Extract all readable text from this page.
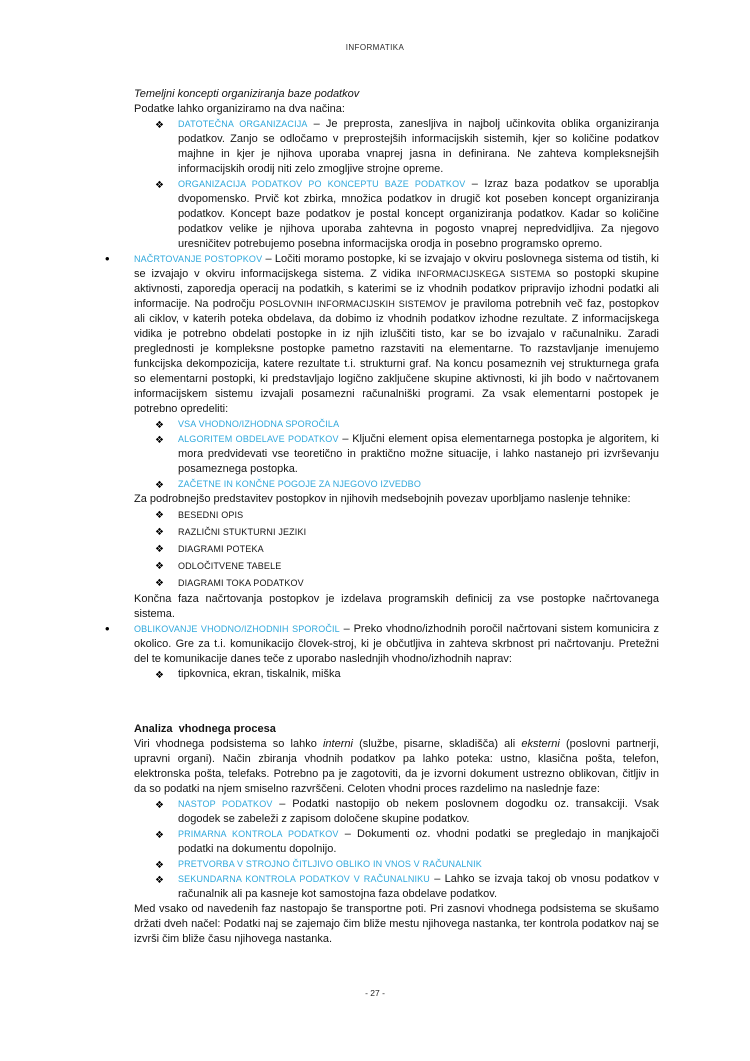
INFORMATIKA

Temeljni koncepti organiziranja baze podatkov

Podatke lahko organiziramo na dva načina:

❖ DATOTEČNA ORGANIZACIJA – Je preprosta, zanesljiva in najbolj učinkovita oblika organiziranja podatkov. Zanjo se odločamo v preprostejših informacijskih sistemih, kjer so količine podatkov majhne in kjer je njihova uporaba vnaprej jasna in definirana. Ne zahteva kompleksnejših informacijskih orodij niti zelo zmogljive strojne opreme.

❖ ORGANIZACIJA PODATKOV PO KONCEPTU BAZE PODATKOV – Izraz baza podatkov se uporablja dvopomensko. Prvič kot zbirka, množica podatkov in drugič kot poseben koncept organiziranja podatkov. Koncept baze podatkov je postal koncept organiziranja podatkov. Kadar so količine podatkov velike je njihova uporaba zahtevna in pogosto vnaprej nepredvidljiva. Za njegovo uresničitev potrebujemo posebna informacijska orodja in posebno programsko opremo.

•	NAČRTOVANJE POSTOPKOV – Ločiti moramo postopke, ki se izvajajo v okviru poslovnega sistema od tistih, ki se izvajajo v okviru informacijskega sistema. Z vidika INFORMACIJSKEGA SISTEMA so postopki skupine aktivnosti, zaporedja operacij na podatkih, s katerimi se iz vhodnih podatkov pripravijo izhodni podatki ali informacije. Na področju POSLOVNIH INFORMACIJSKIH SISTEMOV je praviloma potrebnih več faz, postopkov ali ciklov, v katerih poteka obdelava, da dobimo iz vhodnih podatkov izhodne rezultate. Z informacijskega vidika je potrebno obdelati postopke in iz njih izluščiti tisto, kar se bo izvajalo v računalniku. Zaradi preglednosti je kompleksne postopke pametno razstaviti na elementarne. To razstavljanje imenujemo funkcijska dekompozicija, katere rezultate t.i. strukturni graf. Na koncu posameznih vej strukturnega grafa so elementarni postopki, ki predstavljajo logično zaključene skupine aktivnosti, ki jih bodo v načrtovanem informacijskem sistemu izvajali posamezni računalniški programi. Za vsak elementarni postopek je potrebno opredeliti:

❖ VSA VHODNO/IZHODNA SPOROČILA

❖ ALGORITEM OBDELAVE PODATKOV – Ključni element opisa elementarnega postopka je algoritem, ki mora predvidevati vse teoretično in praktično možne situacije, i lahko nastanejo pri izvrševanju posameznega postopka.

❖ ZAČETNE IN KONČNE POGOJE ZA NJEGOVO IZVEDBO

Za podrobnejšo predstavitev postopkov in njihovih medsebojnih povezav uporbljamo naslenje tehnike:

❖ BESEDNI OPIS

❖ RAZLIČNI STUKTURNI JEZIKI

❖ DIAGRAMI POTEKA

❖ ODLOČITVENE TABELE

❖ DIAGRAMI TOKA PODATKOV

Končna faza načrtovanja postopkov je izdelava programskih definicij za vse postopke načrtovanega sistema.

•	OBLIKOVANJE VHODNO/IZHODNIH SPOROČIL – Preko vhodno/izhodnih poročil načrtovani sistem komunicira z okolico. Gre za t.i. komunikacijo človek-stroj, ki je občutljiva in zahteva skrbnost pri načrtovanju. Pretežni del te komunikacije danes teče z uporabo naslednjih vhodno/izhodnih naprav:

❖ tipkovnica, ekran, tiskalnik, miška

Analiza  vhodnega procesa

Viri vhodnega podsistema so lahko interni (službe, pisarne, skladišča) ali eksterni (poslovni partnerji, upravni organi). Način zbiranja vhodnih podatkov pa lahko poteka: ustno, klasična pošta, telefon, elektronska pošta, telefaks. Potrebno pa je zagotoviti, da je izvorni dokument ustrezno oblikovan, čitljiv in da so podatki na njem smiselno razvrščeni. Celoten vhodni proces razdelimo na naslednje faze:

❖ NASTOP PODATKOV – Podatki nastopijo ob nekem poslovnem dogodku oz. transakciji. Vsak dogodek se zabeleži z zapisom določene skupine podatkov.

❖ PRIMARNA KONTROLA PODATKOV – Dokumenti oz. vhodni podatki se pregledajo in manjkajoči podatki na dokumentu dopolnijo.

❖ PRETVORBA V STROJNO ČITLJIVO OBLIKO IN VNOS V RAČUNALNIK

❖ SEKUNDARNA KONTROLA PODATKOV V RAČUNALNIKU – Lahko se izvaja takoj ob vnosu podatkov v računalnik ali pa kasneje kot samostojna faza obdelave podatkov.

Med vsako od navedenih faz nastopajo še transportne poti. Pri zasnovi vhodnega podsistema se skušamo držati dveh načel: Podatki naj se zajemajo čim bliže mestu njihovega nastanka, ter kontrola podatkov naj se izvrši čim bliže času njihovega nastanka.

- 27 -
